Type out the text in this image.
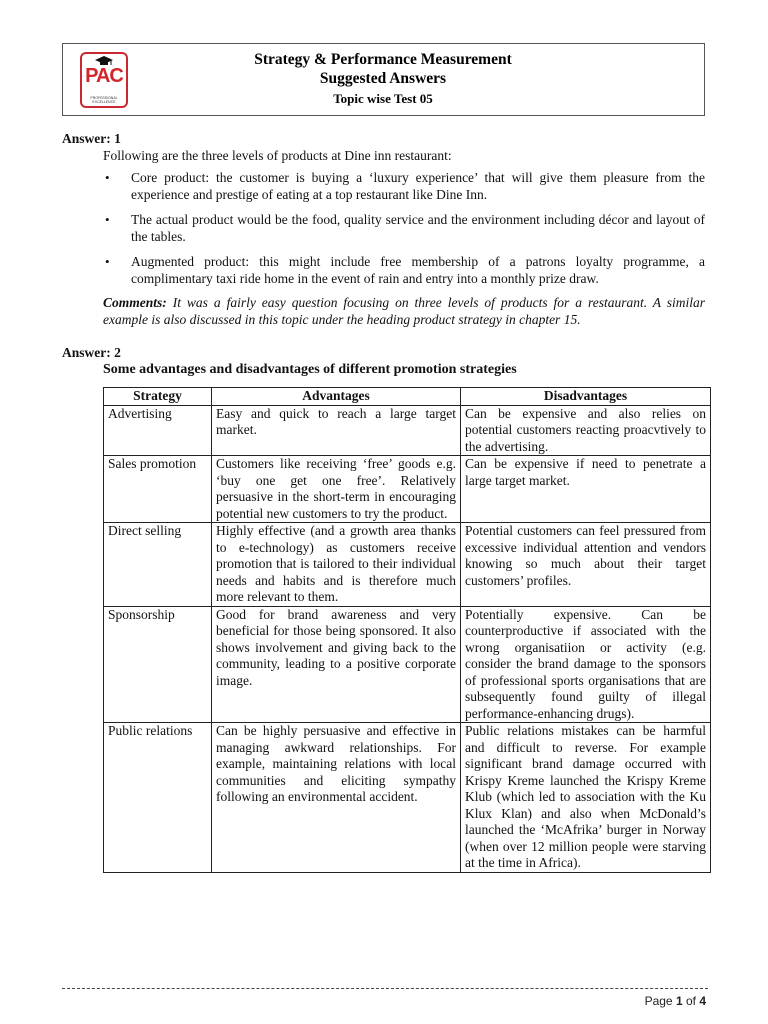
PAC
PROFESSIONAL EXCELLENCE
Strategy & Performance Measurement
Suggested Answers
Topic wise Test 05
Answer: 1
Following are the three levels of products at Dine inn restaurant:
• Core product: the customer is buying a ‘luxury experience’ that will give them pleasure from the experience and prestige of eating at a top restaurant like Dine Inn.
• The actual product would be the food, quality service and the environment including décor and layout of the tables.
• Augmented product: this might include free membership of a patrons loyalty programme, a complimentary taxi ride home in the event of rain and entry into a monthly prize draw.
Comments: It was a fairly easy question focusing on three levels of products for a restaurant. A similar example is also discussed in this topic under the heading product strategy in chapter 15.
Answer: 2
Some advantages and disadvantages of different promotion strategies
Strategy	Advantages	Disadvantages
Advertising	Easy and quick to reach a large target market.	Can be expensive and also relies on potential customers reacting proacvtively to the advertising.
Sales promotion	Customers like receiving ‘free’ goods e.g. ‘buy one get one free’. Relatively persuasive in the short-term in encouraging potential new customers to try the product.	Can be expensive if need to penetrate a large target market.
Direct selling	Highly effective (and a growth area thanks to e-technology) as customers receive promotion that is tailored to their individual needs and habits and is therefore much more relevant to them.	Potential customers can feel pressured from excessive individual attention and vendors knowing so much about their target customers’ profiles.
Sponsorship	Good for brand awareness and very beneficial for those being sponsored. It also shows involvement and giving back to the community, leading to a positive corporate image.	Potentially expensive. Can be counterproductive if associated with the wrong organisatiion or activity (e.g. consider the brand damage to the sponsors of professional sports organisations that are subsequently found guilty of illegal performance-enhancing drugs).
Public relations	Can be highly persuasive and effective in managing awkward relationships. For example, maintaining relations with local communities and eliciting sympathy following an environmental accident.	Public relations mistakes can be harmful and difficult to reverse. For example significant brand damage occurred with Krispy Kreme launched the Krispy Kreme Klub (which led to association with the Ku Klux Klan) and also when McDonald’s launched the ‘McAfrika’ burger in Norway (when over 12 million people were starving at the time in Africa).
Page 1 of 4
